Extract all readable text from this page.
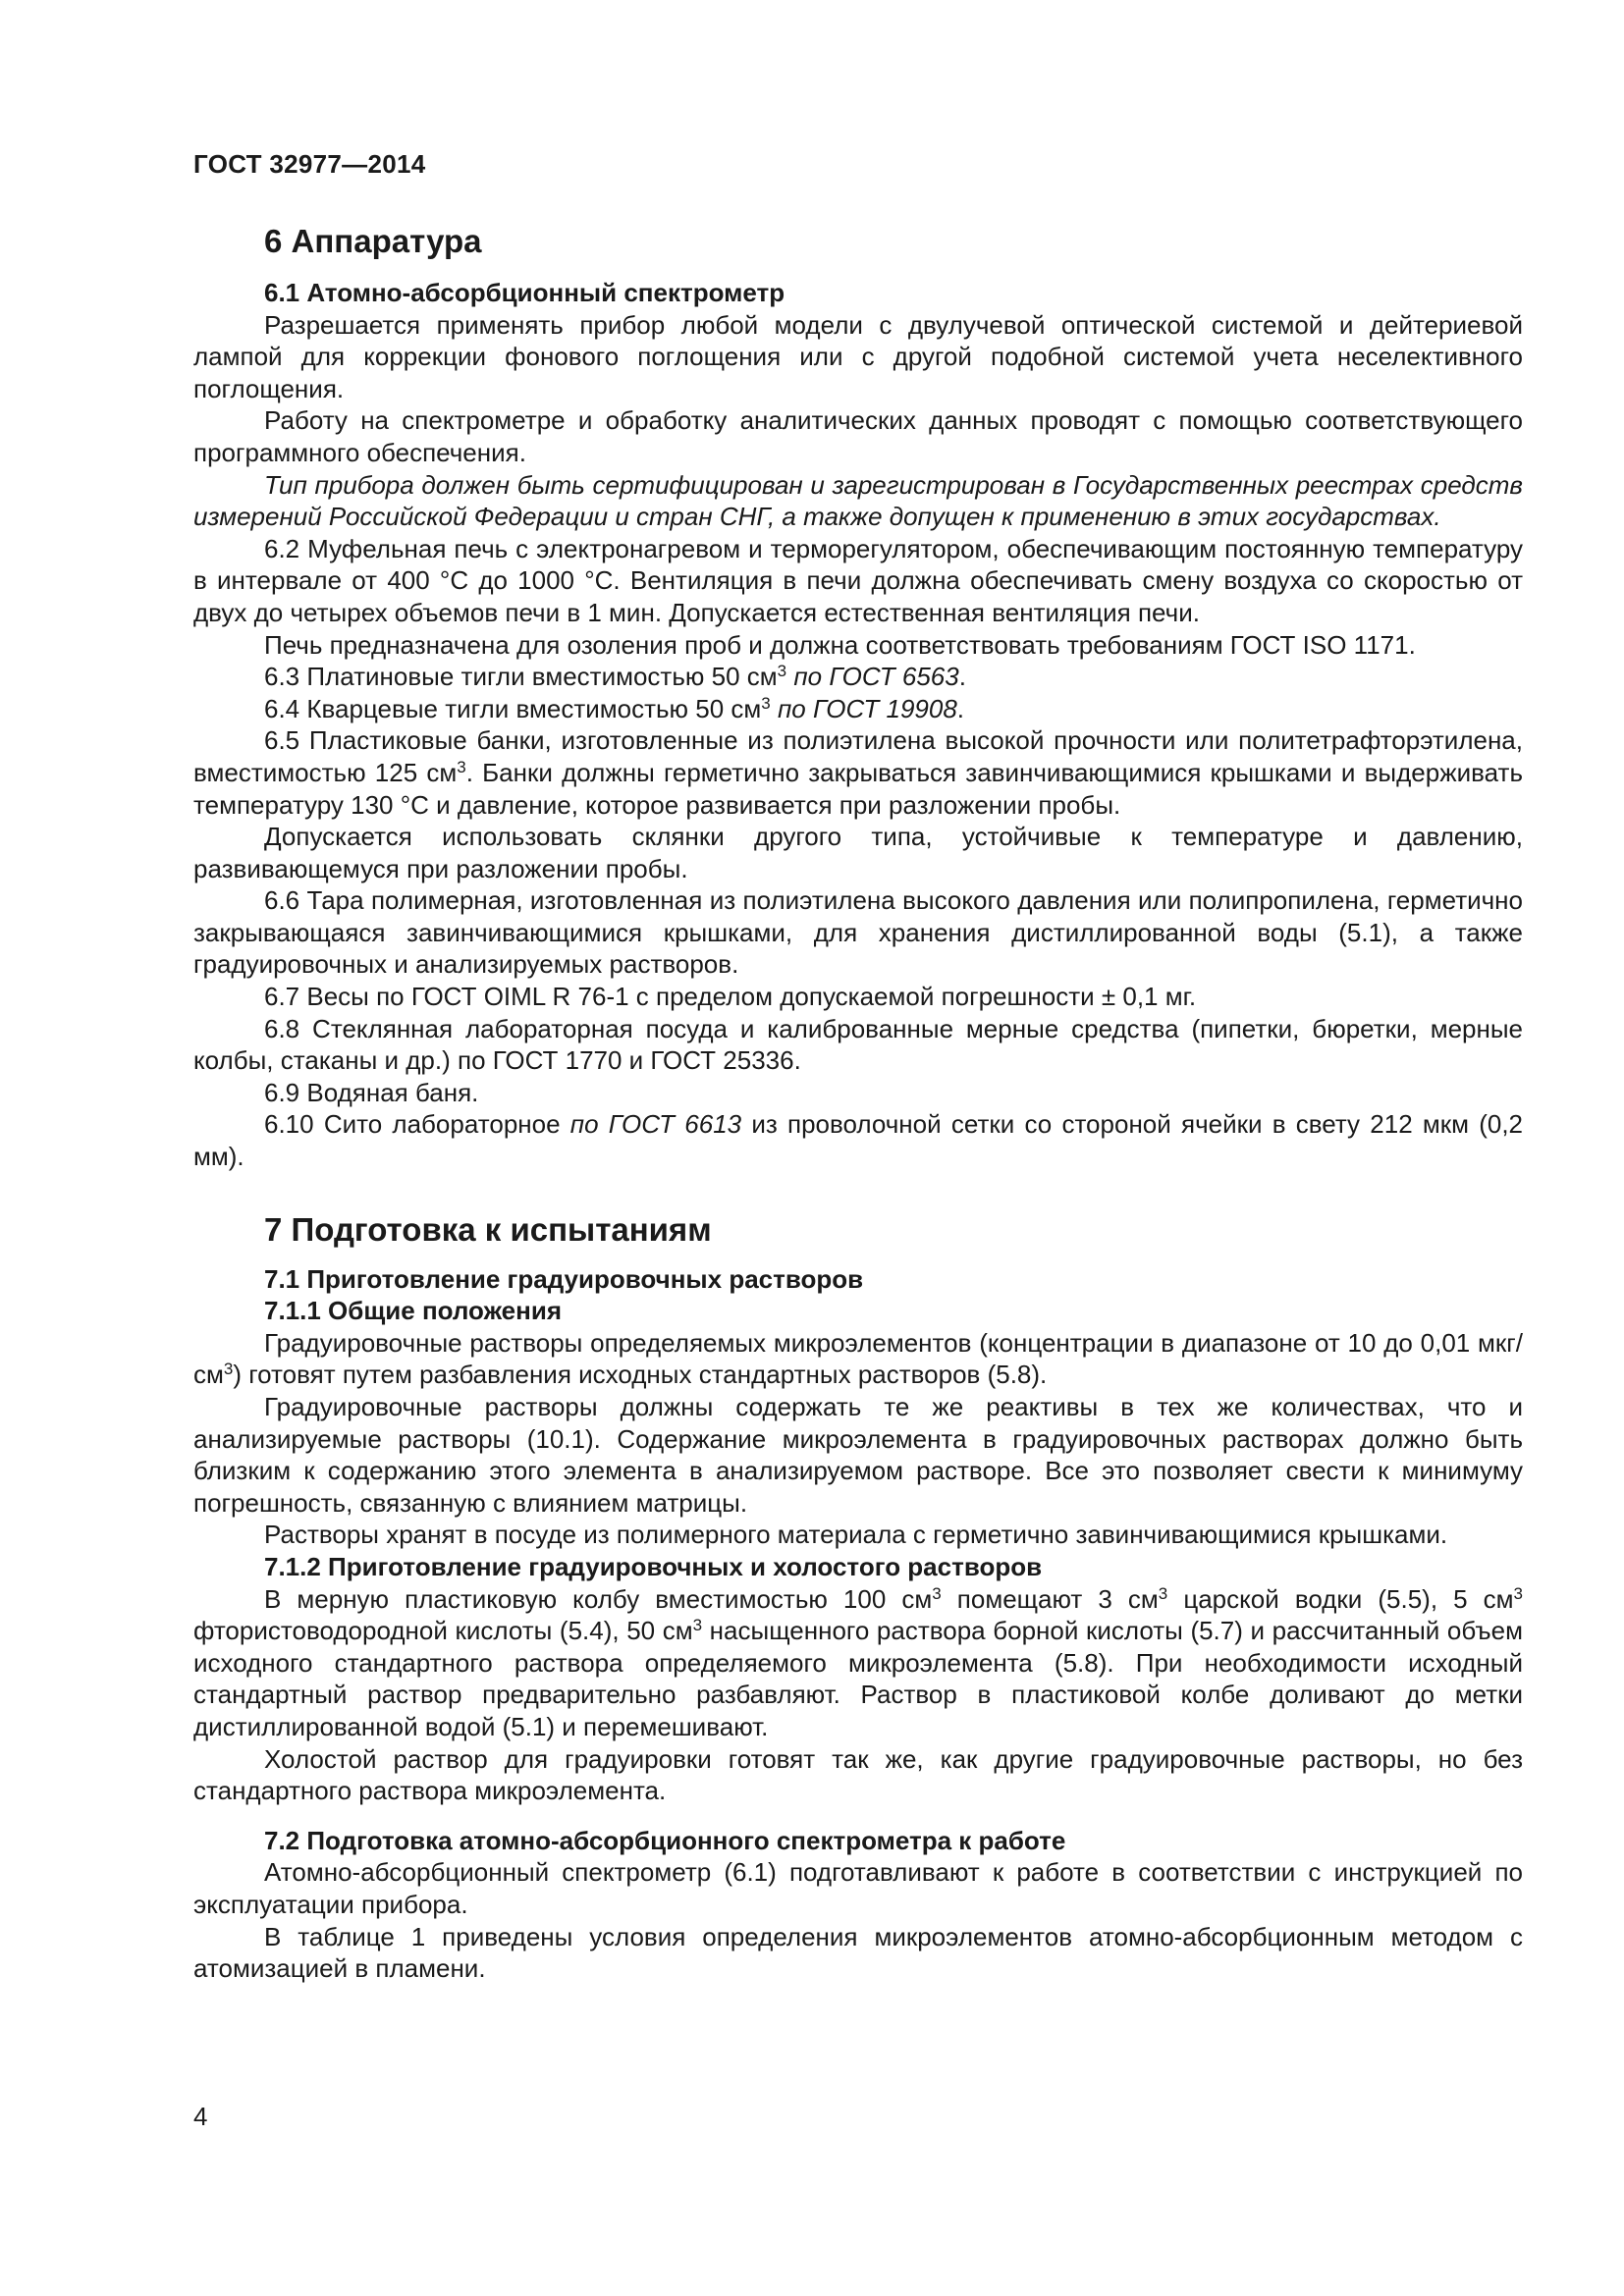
ГОСТ 32977—2014
6 Аппаратура
6.1 Атомно-абсорбционный спектрометр

Разрешается применять прибор любой модели с двулучевой оптической системой и дейтериевой лампой для коррекции фонового поглощения или с другой подобной системой учета неселективного поглощения.

Работу на спектрометре и обработку аналитических данных проводят с помощью соответствующего программного обеспечения.

Тип прибора должен быть сертифицирован и зарегистрирован в Государственных реестрах средств измерений Российской Федерации и стран СНГ, а также допущен к применению в этих государствах.

6.2 Муфельная печь с электронагревом и терморегулятором, обеспечивающим постоянную температуру в интервале от 400 °С до 1000 °С. Вентиляция в печи должна обеспечивать смену воздуха со скоростью от двух до четырех объемов печи в 1 мин. Допускается естественная вентиляция печи.

Печь предназначена для озоления проб и должна соответствовать требованиям ГОСТ ISO 1171.

6.3 Платиновые тигли вместимостью 50 $см^3$ по ГОСТ 6563.

6.4 Кварцевые тигли вместимостью 50 $см^3$ по ГОСТ 19908.

6.5 Пластиковые банки, изготовленные из полиэтилена высокой прочности или политетрафторэтилена, вместимостью 125 $см^3$. Банки должны герметично закрываться завинчивающимися крышками и выдерживать температуру 130 °С и давление, которое развивается при разложении пробы.

Допускается использовать склянки другого типа, устойчивые к температуре и давлению, развивающемуся при разложении пробы.

6.6 Тара полимерная, изготовленная из полиэтилена высокого давления или полипропилена, герметично закрывающаяся завинчивающимися крышками, для хранения дистиллированной воды (5.1), а также градуировочных и анализируемых растворов.

6.7 Весы по ГОСТ OIML R 76-1 с пределом допускаемой погрешности ± 0,1 мг.

6.8 Стеклянная лабораторная посуда и калиброванные мерные средства (пипетки, бюретки, мерные колбы, стаканы и др.) по ГОСТ 1770 и ГОСТ 25336.

6.9 Водяная баня.

6.10 Сито лабораторное по ГОСТ 6613 из проволочной сетки со стороной ячейки в свету 212 мкм (0,2 мм).

7 Подготовка к испытаниям
7.1 Приготовление градуировочных растворов
7.1.1 Общие положения

Градуировочные растворы определяемых микроэлементов (концентрации в диапазоне от 10 до 0,01 мкг/$см^3$) готовят путем разбавления исходных стандартных растворов (5.8).

Градуировочные растворы должны содержать те же реактивы в тех же количествах, что и анализируемые растворы (10.1). Содержание микроэлемента в градуировочных растворах должно быть близким к содержанию этого элемента в анализируемом растворе. Все это позволяет свести к минимуму погрешность, связанную с влиянием матрицы.

Растворы хранят в посуде из полимерного материала с герметично завинчивающимися крышками.

7.1.2 Приготовление градуировочных и холостого растворов

В мерную пластиковую колбу вместимостью 100 $см^3$ помещают 3 $см^3$ царской водки (5.5), 5 $см^3$ фтористоводородной кислоты (5.4), 50 $см^3$ насыщенного раствора борной кислоты (5.7) и рассчитанный объем исходного стандартного раствора определяемого микроэлемента (5.8). При необходимости исходный стандартный раствор предварительно разбавляют. Раствор в пластиковой колбе доливают до метки дистиллированной водой (5.1) и перемешивают.

Холостой раствор для градуировки готовят так же, как другие градуировочные растворы, но без стандартного раствора микроэлемента.

7.2 Подготовка атомно-абсорбционного спектрометра к работе

Атомно-абсорбционный спектрометр (6.1) подготавливают к работе в соответствии с инструкцией по эксплуатации прибора.

В таблице 1 приведены условия определения микроэлементов атомно-абсорбционным методом с атомизацией в пламени.

4
